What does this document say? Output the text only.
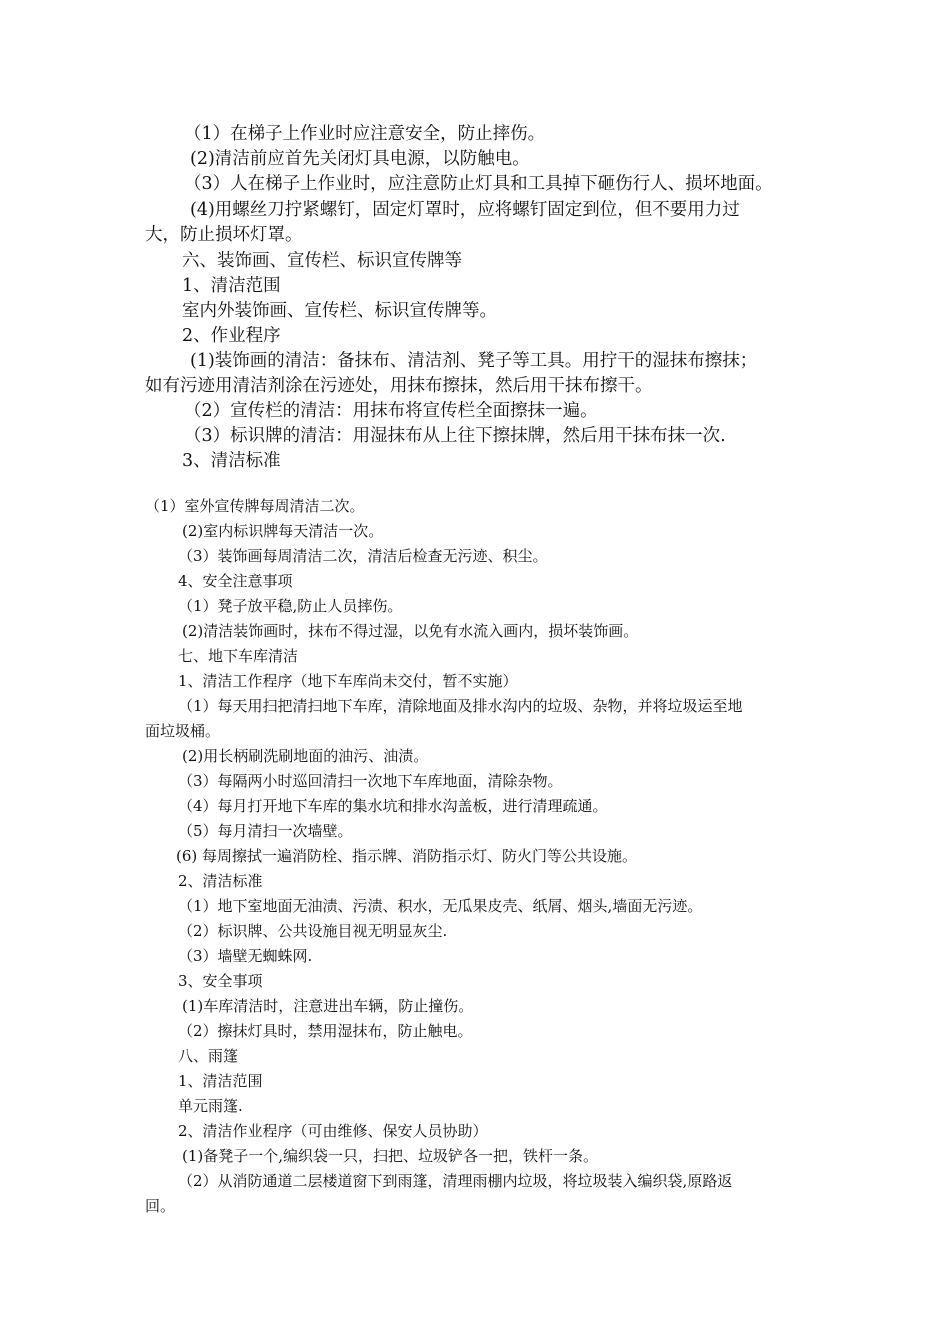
（1）在梯子上作业时应注意安全，防止摔伤。
(2)清洁前应首先关闭灯具电源，以防触电。
（3）人在梯子上作业时，应注意防止灯具和工具掉下砸伤行人、损坏地面。
(4)用螺丝刀拧紧螺钉，固定灯罩时，应将螺钉固定到位，但不要用力过
大，防止损坏灯罩。
六、装饰画、宣传栏、标识宣传牌等
1、清洁范围
室内外装饰画、宣传栏、标识宣传牌等。
2、作业程序
(1)装饰画的清洁：备抹布、清洁剂、凳子等工具。用拧干的湿抹布擦抹；
如有污迹用清洁剂涂在污迹处，用抹布擦抹，然后用干抹布擦干。
（2）宣传栏的清洁：用抹布将宣传栏全面擦抹一遍。
（3）标识牌的清洁：用湿抹布从上往下擦抹牌，然后用干抹布抹一次.
3、清洁标准
（1）室外宣传牌每周清洁二次。
(2)室内标识牌每天清洁一次。
（3）装饰画每周清洁二次，清洁后检查无污迹、积尘。
4、安全注意事项
（1）凳子放平稳,防止人员摔伤。
(2)清洁装饰画时，抹布不得过湿，以免有水流入画内，损坏装饰画。
七、地下车库清洁
1、清洁工作程序（地下车库尚未交付，暂不实施）
（1）每天用扫把清扫地下车库，清除地面及排水沟内的垃圾、杂物，并将垃圾运至地
面垃圾桶。
(2)用长柄刷洗刷地面的油污、油渍。
（3）每隔两小时巡回清扫一次地下车库地面，清除杂物。
（4）每月打开地下车库的集水坑和排水沟盖板，进行清理疏通。
（5）每月清扫一次墙壁。
(6) 每周擦拭一遍消防栓、指示牌、消防指示灯、防火门等公共设施。
2、清洁标准
（1）地下室地面无油渍、污渍、积水，无瓜果皮壳、纸屑、烟头,墙面无污迹。
（2）标识牌、公共设施目视无明显灰尘.
（3）墙壁无蜘蛛网.
3、安全事项
(1)车库清洁时，注意进出车辆，防止撞伤。
（2）擦抹灯具时，禁用湿抹布，防止触电。
八、雨篷
1、清洁范围
单元雨篷.
2、清洁作业程序（可由维修、保安人员协助）
(1)备凳子一个,编织袋一只，扫把、垃圾铲各一把，铁杆一条。
（2）从消防通道二层楼道窗下到雨篷，清理雨棚内垃圾，将垃圾装入编织袋,原路返
回。
